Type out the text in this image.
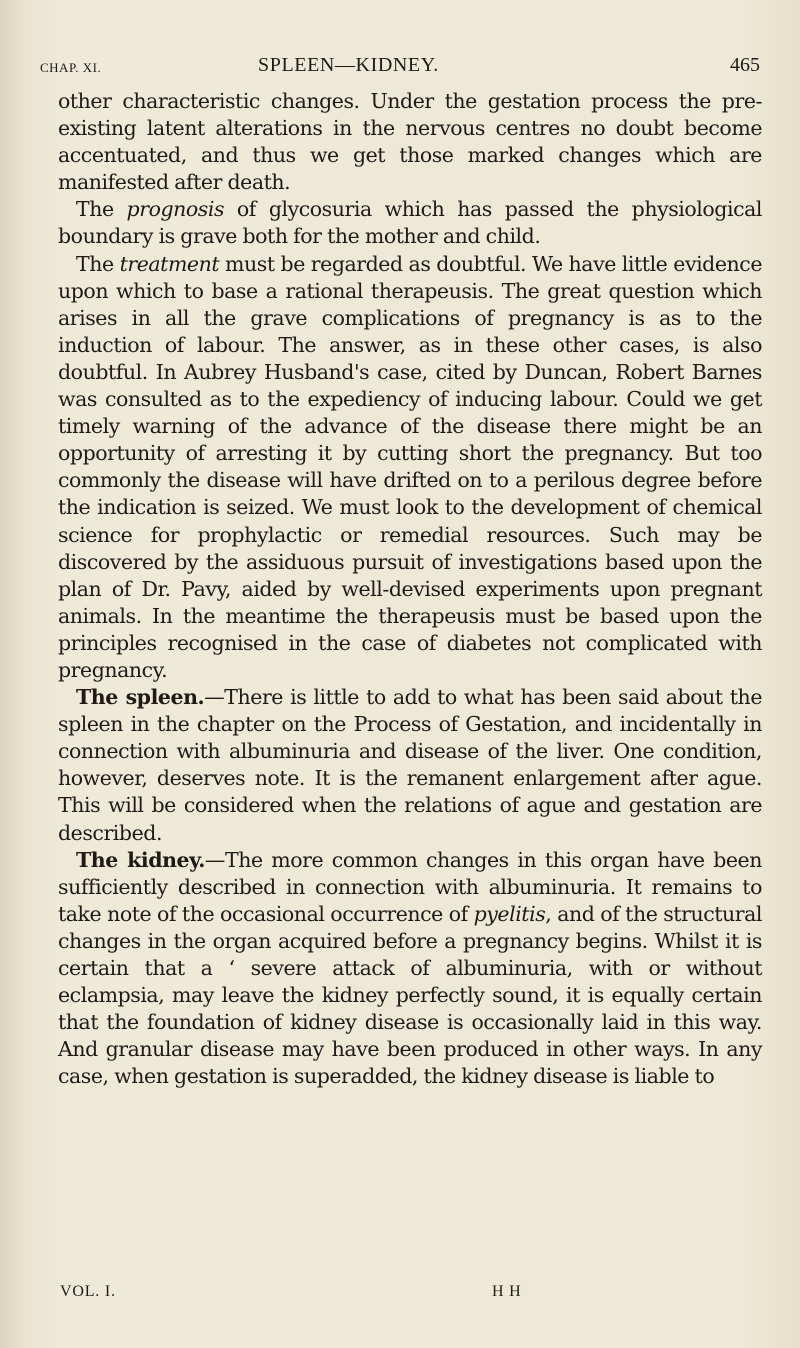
CHAP. XI.	SPLEEN—KIDNEY.	465

other characteristic changes. Under the gestation process the pre-existing latent alterations in the nervous centres no doubt become accentuated, and thus we get those marked changes which are manifested after death.

The prognosis of glycosuria which has passed the physiological boundary is grave both for the mother and child.

The treatment must be regarded as doubtful. We have little evidence upon which to base a rational therapeusis. The great question which arises in all the grave complications of pregnancy is as to the induction of labour. The answer, as in these other cases, is also doubtful. In Aubrey Husband's case, cited by Duncan, Robert Barnes was consulted as to the expediency of inducing labour. Could we get timely warning of the advance of the disease there might be an opportunity of arresting it by cutting short the pregnancy. But too commonly the disease will have drifted on to a perilous degree before the indication is seized. We must look to the development of chemical science for prophylactic or remedial resources. Such may be discovered by the assiduous pursuit of investigations based upon the plan of Dr. Pavy, aided by well-devised experiments upon pregnant animals. In the meantime the therapeusis must be based upon the principles recognised in the case of diabetes not complicated with pregnancy.

The spleen.—There is little to add to what has been said about the spleen in the chapter on the Process of Gestation, and incidentally in connection with albuminuria and disease of the liver. One condition, however, deserves note. It is the remanent enlargement after ague. This will be considered when the relations of ague and gestation are described.

The kidney.—The more common changes in this organ have been sufficiently described in connection with albuminuria. It remains to take note of the occasional occurrence of pyelitis, and of the structural changes in the organ acquired before a pregnancy begins. Whilst it is certain that a ‘ severe attack of albuminuria, with or without eclampsia, may leave the kidney perfectly sound, it is equally certain that the foundation of kidney disease is occasionally laid in this way. And granular disease may have been produced in other ways. In any case, when gestation is superadded, the kidney disease is liable to

VOL. I.	H H
